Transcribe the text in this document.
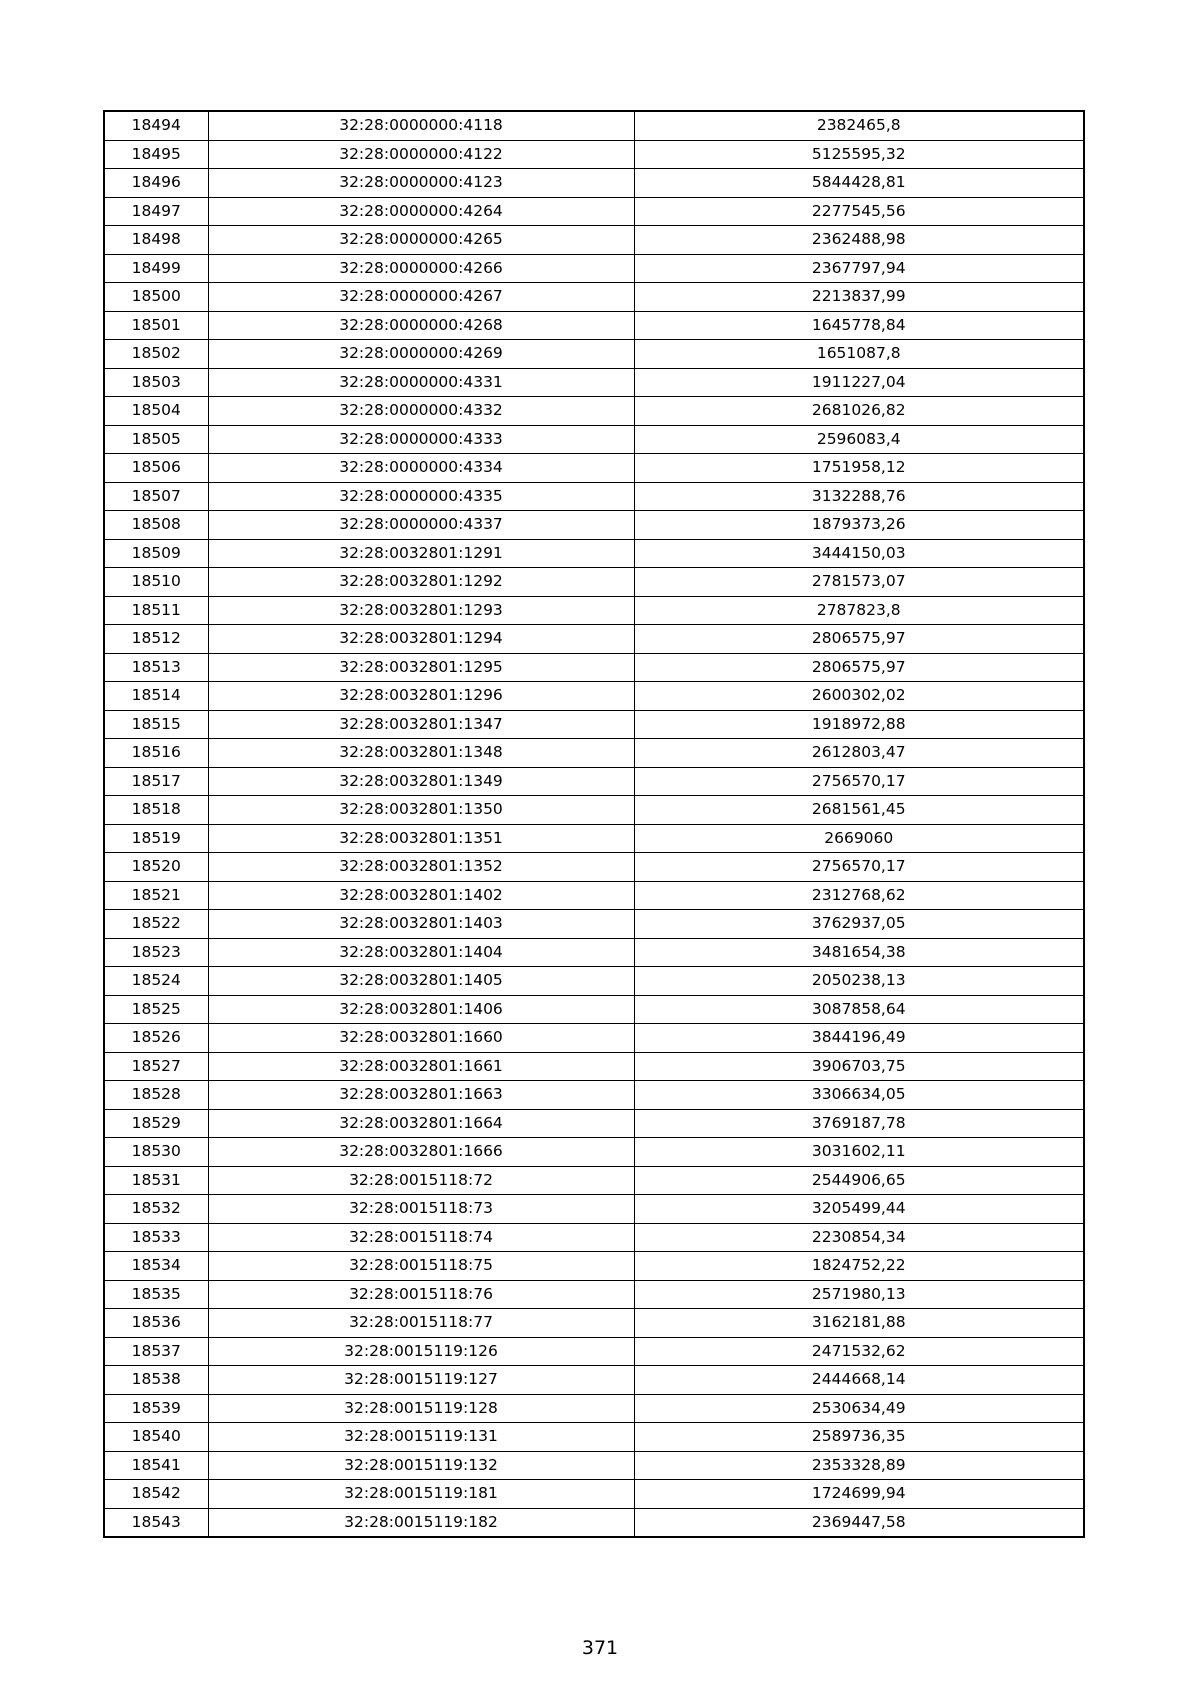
18494	32:28:0000000:4118	2382465,8
18495	32:28:0000000:4122	5125595,32
18496	32:28:0000000:4123	5844428,81
18497	32:28:0000000:4264	2277545,56
18498	32:28:0000000:4265	2362488,98
18499	32:28:0000000:4266	2367797,94
18500	32:28:0000000:4267	2213837,99
18501	32:28:0000000:4268	1645778,84
18502	32:28:0000000:4269	1651087,8
18503	32:28:0000000:4331	1911227,04
18504	32:28:0000000:4332	2681026,82
18505	32:28:0000000:4333	2596083,4
18506	32:28:0000000:4334	1751958,12
18507	32:28:0000000:4335	3132288,76
18508	32:28:0000000:4337	1879373,26
18509	32:28:0032801:1291	3444150,03
18510	32:28:0032801:1292	2781573,07
18511	32:28:0032801:1293	2787823,8
18512	32:28:0032801:1294	2806575,97
18513	32:28:0032801:1295	2806575,97
18514	32:28:0032801:1296	2600302,02
18515	32:28:0032801:1347	1918972,88
18516	32:28:0032801:1348	2612803,47
18517	32:28:0032801:1349	2756570,17
18518	32:28:0032801:1350	2681561,45
18519	32:28:0032801:1351	2669060
18520	32:28:0032801:1352	2756570,17
18521	32:28:0032801:1402	2312768,62
18522	32:28:0032801:1403	3762937,05
18523	32:28:0032801:1404	3481654,38
18524	32:28:0032801:1405	2050238,13
18525	32:28:0032801:1406	3087858,64
18526	32:28:0032801:1660	3844196,49
18527	32:28:0032801:1661	3906703,75
18528	32:28:0032801:1663	3306634,05
18529	32:28:0032801:1664	3769187,78
18530	32:28:0032801:1666	3031602,11
18531	32:28:0015118:72	2544906,65
18532	32:28:0015118:73	3205499,44
18533	32:28:0015118:74	2230854,34
18534	32:28:0015118:75	1824752,22
18535	32:28:0015118:76	2571980,13
18536	32:28:0015118:77	3162181,88
18537	32:28:0015119:126	2471532,62
18538	32:28:0015119:127	2444668,14
18539	32:28:0015119:128	2530634,49
18540	32:28:0015119:131	2589736,35
18541	32:28:0015119:132	2353328,89
18542	32:28:0015119:181	1724699,94
18543	32:28:0015119:182	2369447,58
371
